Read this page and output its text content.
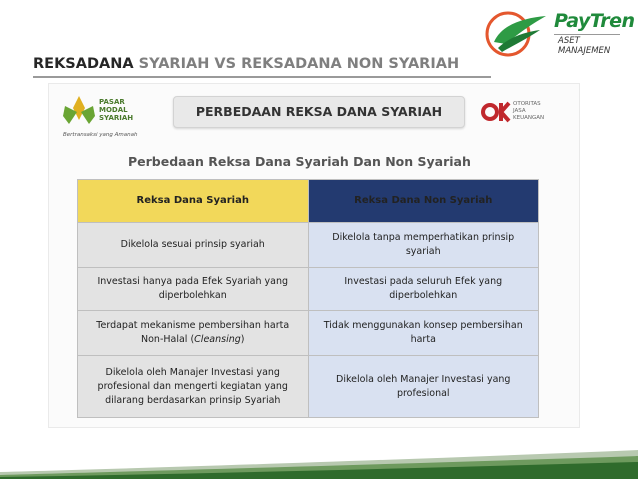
PayTren
ASET MANAJEMEN
REKSADANA SYARIAH VS REKSADANA NON SYARIAH
PASAR
MODAL
SYARIAH
Bertransaksi yang Amanah
PERBEDAAN REKSA DANA SYARIAH
OJK
OTORITAS
JASA
KEUANGAN
Perbedaan Reksa Dana Syariah Dan Non Syariah
Reksa Dana Syariah	Reksa Dana Non Syariah
Dikelola sesuai prinsip syariah	Dikelola tanpa memperhatikan prinsip syariah
Investasi hanya pada Efek Syariah yang diperbolehkan	Investasi pada seluruh Efek yang diperbolehkan
Terdapat mekanisme pembersihan harta Non-Halal (Cleansing)	Tidak menggunakan konsep pembersihan harta
Dikelola oleh Manajer Investasi yang profesional dan mengerti kegiatan yang dilarang berdasarkan prinsip Syariah	Dikelola oleh Manajer Investasi yang profesional
